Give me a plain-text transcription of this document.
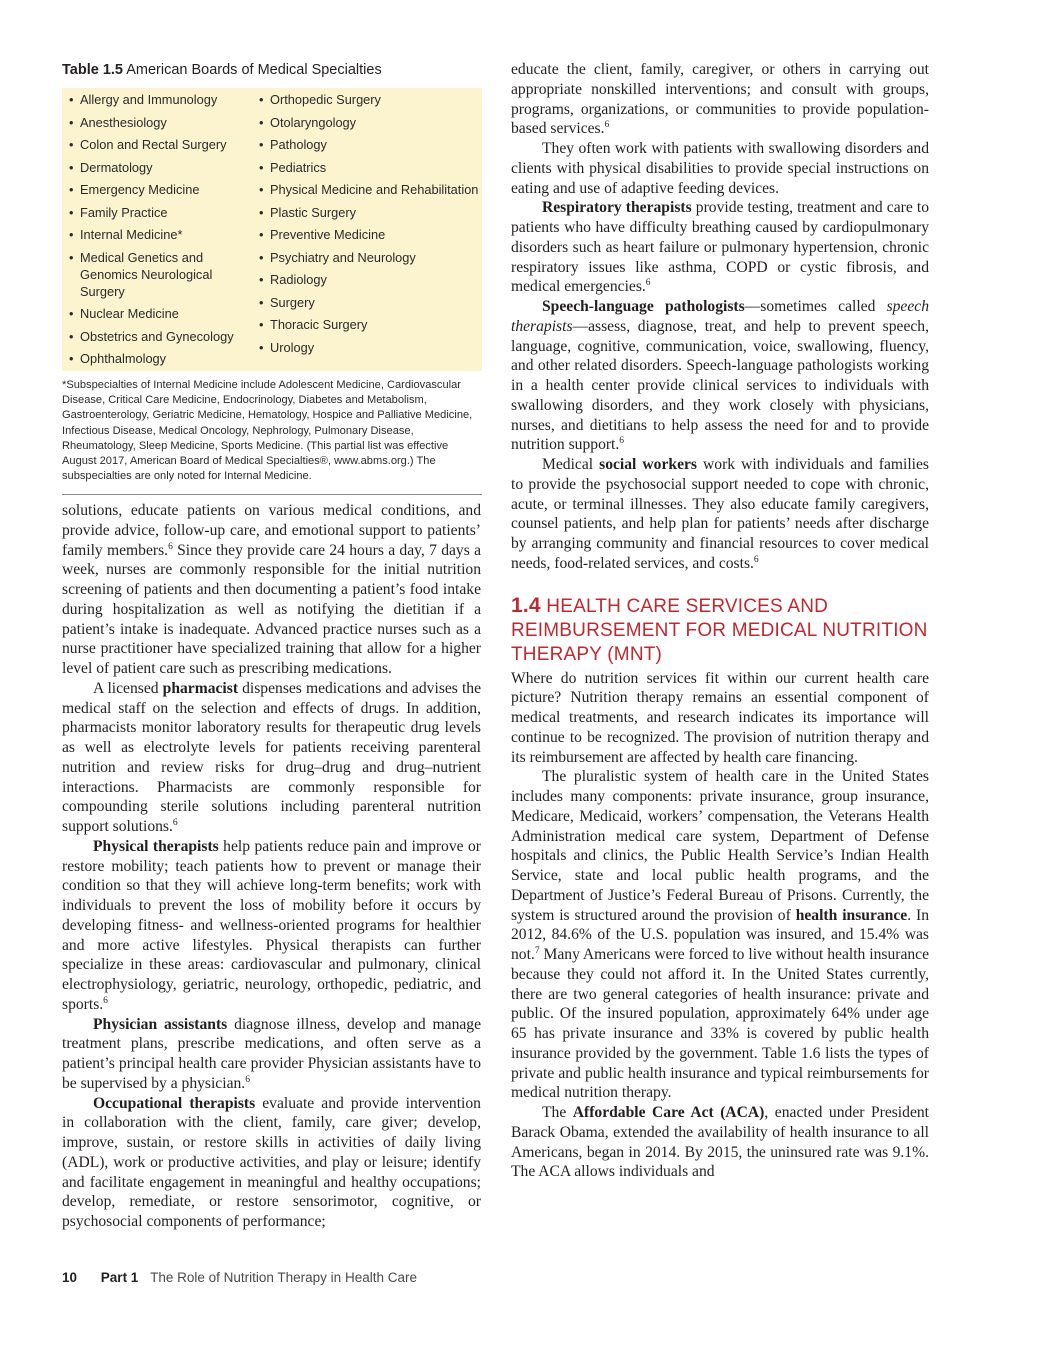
Table 1.5 American Boards of Medical Specialties
• Allergy and Immunology
• Anesthesiology
• Colon and Rectal Surgery
• Dermatology
• Emergency Medicine
• Family Practice
• Internal Medicine*
• Medical Genetics and Genomics Neurological Surgery
• Nuclear Medicine
• Obstetrics and Gynecology
• Ophthalmology
• Orthopedic Surgery
• Otolaryngology
• Pathology
• Pediatrics
• Physical Medicine and Rehabilitation
• Plastic Surgery
• Preventive Medicine
• Psychiatry and Neurology
• Radiology
• Surgery
• Thoracic Surgery
• Urology
*Subspecialties of Internal Medicine include Adolescent Medicine, Cardiovascular Disease, Critical Care Medicine, Endocrinology, Diabetes and Metabolism, Gastroenterology, Geriatric Medicine, Hematology, Hospice and Palliative Medicine, Infectious Disease, Medical Oncology, Nephrology, Pulmonary Disease, Rheumatology, Sleep Medicine, Sports Medicine. (This partial list was effective August 2017, American Board of Medical Specialties®, www.abms.org.) The subspecialties are only noted for Internal Medicine.

solutions, educate patients on various medical conditions, and provide advice, follow-up care, and emotional support to patients’ family members.$^6$ Since they provide care 24 hours a day, 7 days a week, nurses are commonly responsible for the initial nutrition screening of patients and then documenting a patient’s food intake during hospitalization as well as notifying the dietitian if a patient’s intake is inadequate. Advanced practice nurses such as a nurse practitioner have specialized training that allow for a higher level of patient care such as prescribing medications.

A licensed pharmacist dispenses medications and advises the medical staff on the selection and effects of drugs. In addition, pharmacists monitor laboratory results for therapeutic drug levels as well as electrolyte levels for patients receiving parenteral nutrition and review risks for drug–drug and drug–nutrient interactions. Pharmacists are commonly responsible for compounding sterile solutions including parenteral nutrition support solutions.$^6$

Physical therapists help patients reduce pain and improve or restore mobility; teach patients how to prevent or manage their condition so that they will achieve long-term benefits; work with individuals to prevent the loss of mobility before it occurs by developing fitness- and wellness-oriented programs for healthier and more active lifestyles. Physical therapists can further specialize in these areas: cardiovascular and pulmonary, clinical electrophysiology, geriatric, neurology, orthopedic, pediatric, and sports.$^6$

Physician assistants diagnose illness, develop and manage treatment plans, prescribe medications, and often serve as a patient’s principal health care provider Physician assistants have to be supervised by a physician.$^6$

Occupational therapists evaluate and provide intervention in collaboration with the client, family, care giver; develop, improve, sustain, or restore skills in activities of daily living (ADL), work or productive activities, and play or leisure; identify and facilitate engagement in meaningful and healthy occupations; develop, remediate, or restore sensorimotor, cognitive, or psychosocial components of performance;

educate the client, family, caregiver, or others in carrying out appropriate nonskilled interventions; and consult with groups, programs, organizations, or communities to provide population-based services.$^6$

They often work with patients with swallowing disorders and clients with physical disabilities to provide special instructions on eating and use of adaptive feeding devices.

Respiratory therapists provide testing, treatment and care to patients who have difficulty breathing caused by cardiopulmonary disorders such as heart failure or pulmonary hypertension, chronic respiratory issues like asthma, COPD or cystic fibrosis, and medical emergencies.$^6$

Speech-language pathologists—sometimes called speech therapists—assess, diagnose, treat, and help to prevent speech, language, cognitive, communication, voice, swallowing, fluency, and other related disorders. Speech-language pathologists working in a health center provide clinical services to individuals with swallowing disorders, and they work closely with physicians, nurses, and dietitians to help assess the need for and to provide nutrition support.$^6$

Medical social workers work with individuals and families to provide the psychosocial support needed to cope with chronic, acute, or terminal illnesses. They also educate family caregivers, counsel patients, and help plan for patients’ needs after discharge by arranging community and financial resources to cover medical needs, food-related services, and costs.$^6$

1.4 HEALTH CARE SERVICES AND REIMBURSEMENT FOR MEDICAL NUTRITION THERAPY (MNT)

Where do nutrition services fit within our current health care picture? Nutrition therapy remains an essential component of medical treatments, and research indicates its importance will continue to be recognized. The provision of nutrition therapy and its reimbursement are affected by health care financing.

The pluralistic system of health care in the United States includes many components: private insurance, group insurance, Medicare, Medicaid, workers’ compensation, the Veterans Health Administration medical care system, Department of Defense hospitals and clinics, the Public Health Service’s Indian Health Service, state and local public health programs, and the Department of Justice’s Federal Bureau of Prisons. Currently, the system is structured around the provision of health insurance. In 2012, 84.6% of the U.S. population was insured, and 15.4% was not.$^7$ Many Americans were forced to live without health insurance because they could not afford it. In the United States currently, there are two general categories of health insurance: private and public. Of the insured population, approximately 64% under age 65 has private insurance and 33% is covered by public health insurance provided by the government. Table 1.6 lists the types of private and public health insurance and typical reimbursements for medical nutrition therapy.

The Affordable Care Act (ACA), enacted under President Barack Obama, extended the availability of health insurance to all Americans, began in 2014. By 2015, the uninsured rate was 9.1%. The ACA allows individuals and

10 Part 1 The Role of Nutrition Therapy in Health Care
